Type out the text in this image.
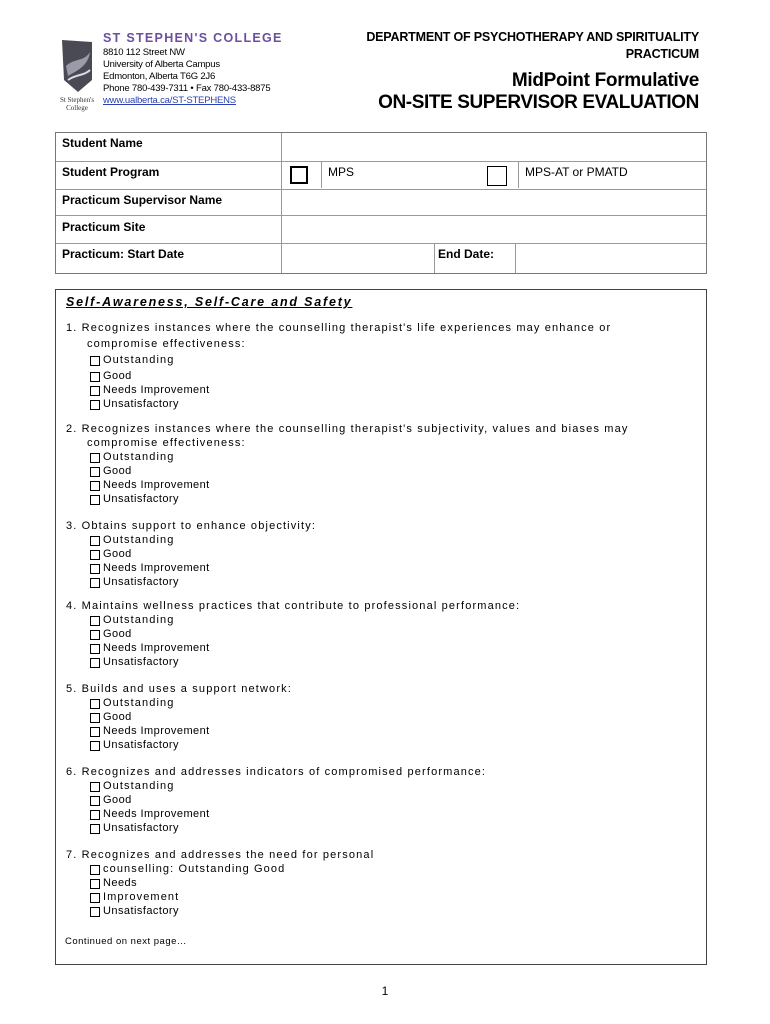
St Stephen's College
ST STEPHEN'S COLLEGE
8810 112 Street NW
University of Alberta Campus
Edmonton, Alberta T6G 2J6
Phone 780-439-7311 • Fax 780-433-8875
www.ualberta.ca/ST-STEPHENS
DEPARTMENT OF PSYCHOTHERAPY AND SPIRITUALITY
PRACTICUM
MidPoint Formulative
ON-SITE SUPERVISOR EVALUATION
Student Name
Student Program	MPS	MPS-AT or PMATD
Practicum Supervisor Name
Practicum Site
Practicum: Start Date	End Date:
Self-Awareness, Self-Care and Safety
1. Recognizes instances where the counselling therapist's life experiences may enhance or
compromise effectiveness:
Outstanding
Good
Needs Improvement
Unsatisfactory
2. Recognizes instances where the counselling therapist's subjectivity, values and biases may
compromise effectiveness:
Outstanding
Good
Needs Improvement
Unsatisfactory
3. Obtains support to enhance objectivity:
Outstanding
Good
Needs Improvement
Unsatisfactory
4. Maintains wellness practices that contribute to professional performance:
Outstanding
Good
Needs Improvement
Unsatisfactory
5. Builds and uses a support network:
Outstanding
Good
Needs Improvement
Unsatisfactory
6. Recognizes and addresses indicators of compromised performance:
Outstanding
Good
Needs Improvement
Unsatisfactory
7. Recognizes and addresses the need for personal
counselling: Outstanding Good
Needs
Improvement
Unsatisfactory
Continued on next page…
1
